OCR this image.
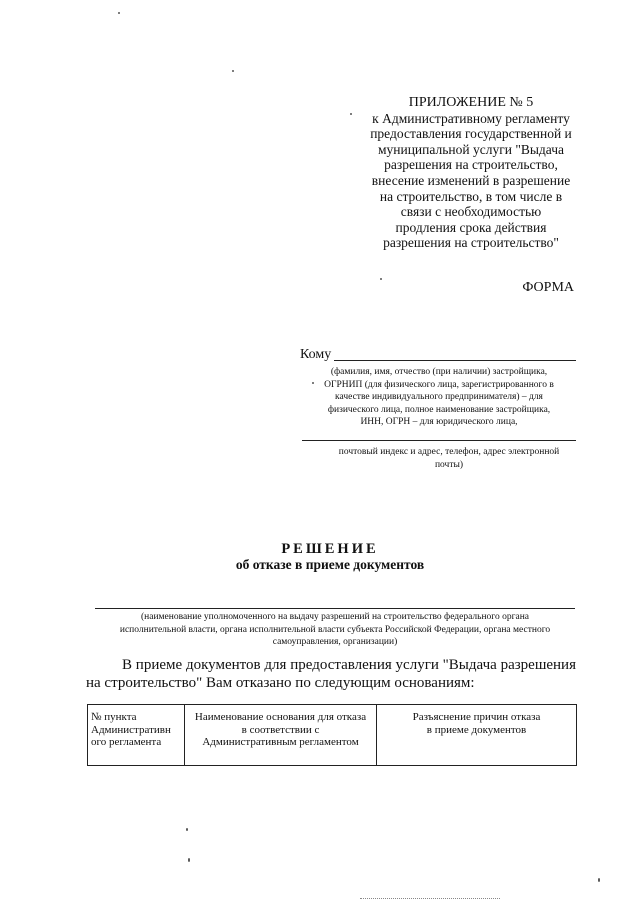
ПРИЛОЖЕНИЕ № 5
к Административному регламенту
предоставления государственной и
муниципальной услуги "Выдача
разрешения на строительство,
внесение изменений в разрешение
на строительство, в том числе в
связи с необходимостью
продления срока действия
разрешения на строительство"
ФОРМА
Кому
(фамилия, имя, отчество (при наличии) застройщика,
ОГРНИП (для физического лица, зарегистрированного в
качестве индивидуального предпринимателя) – для
физического лица, полное наименование застройщика,
ИНН, ОГРН – для юридического лица,
почтовый индекс и адрес, телефон, адрес электронной
почты)
РЕШЕНИЕ
об отказе в приеме документов
(наименование уполномоченного на выдачу разрешений на строительство федерального органа
исполнительной власти, органа исполнительной власти субъекта Российской Федерации, органа местного
самоуправления, организации)
В приеме документов для предоставления услуги "Выдача разрешения на строительство" Вам отказано по следующим основаниям:
№ пункта
Административн
ого регламента

Наименование основания для отказа
в соответствии с
Административным регламентом

Разъяснение причин отказа
в приеме документов
